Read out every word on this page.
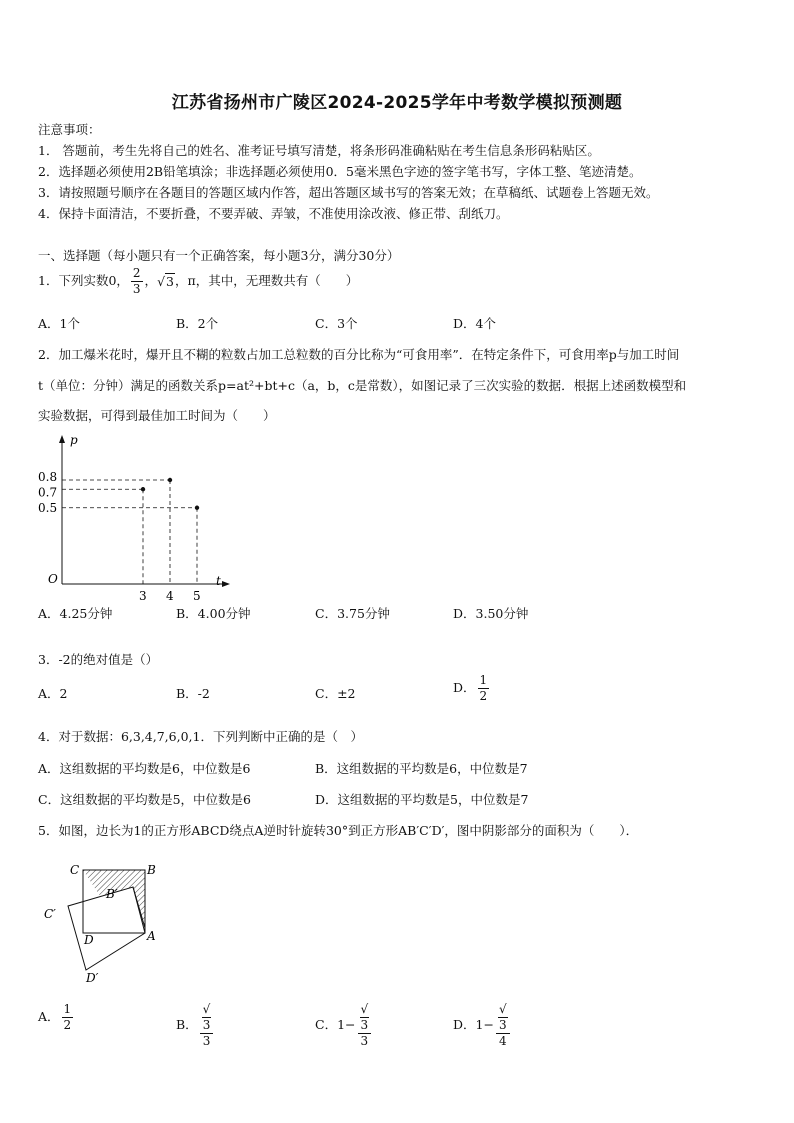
江苏省扬州市广陵区2024-2025学年中考数学模拟预测题
注意事项：
1． 答题前，考生先将自己的姓名、准考证号填写清楚，将条形码准确粘贴在考生信息条形码粘贴区。
2．选择题必须使用2B铅笔填涂；非选择题必须使用0．5毫米黑色字迹的签字笔书写，字体工整、笔迹清楚。
3．请按照题号顺序在各题目的答题区域内作答，超出答题区域书写的答案无效；在草稿纸、试题卷上答题无效。
4．保持卡面清洁，不要折叠，不要弄破、弄皱，不准使用涂改液、修正带、刮纸刀。
一、选择题（每小题只有一个正确答案，每小题3分，满分30分）
1．下列实数0， $\frac{2}{3}$ ，√3，π，其中，无理数共有（　　）
A．1个	B．2个	C．3个	D．4个
2．加工爆米花时，爆开且不糊的粒数占加工总粒数的百分比称为“可食用率”．在特定条件下，可食用率p与加工时间
t（单位：分钟）满足的函数关系p=at²+bt+c（a，b，c是常数），如图记录了三次实验的数据．根据上述函数模型和
实验数据，可得到最佳加工时间为（　　）
p
t
O
3 4 5
0.7
0.8
0.5
A．4.25分钟	B．4.00分钟	C．3.75分钟	D．3.50分钟
3．-2的绝对值是（）
A．2	B．-2	C．±2	D． $\frac{1}{2}$
4．对于数据：6,3,4,7,6,0,1．下列判断中正确的是（　）
A．这组数据的平均数是6，中位数是6	B．这组数据的平均数是6，中位数是7
C．这组数据的平均数是5，中位数是6	D．这组数据的平均数是5，中位数是7
5．如图，边长为1的正方形ABCD绕点A逆时针旋转30°到正方形AB′C′D′，图中阴影部分的面积为（　　）．
C	B
B′
C′
D	A
D′
A． $\frac{1}{2}$	B． √
3
3	C．1− √
3
3	D．1− √
3
4
